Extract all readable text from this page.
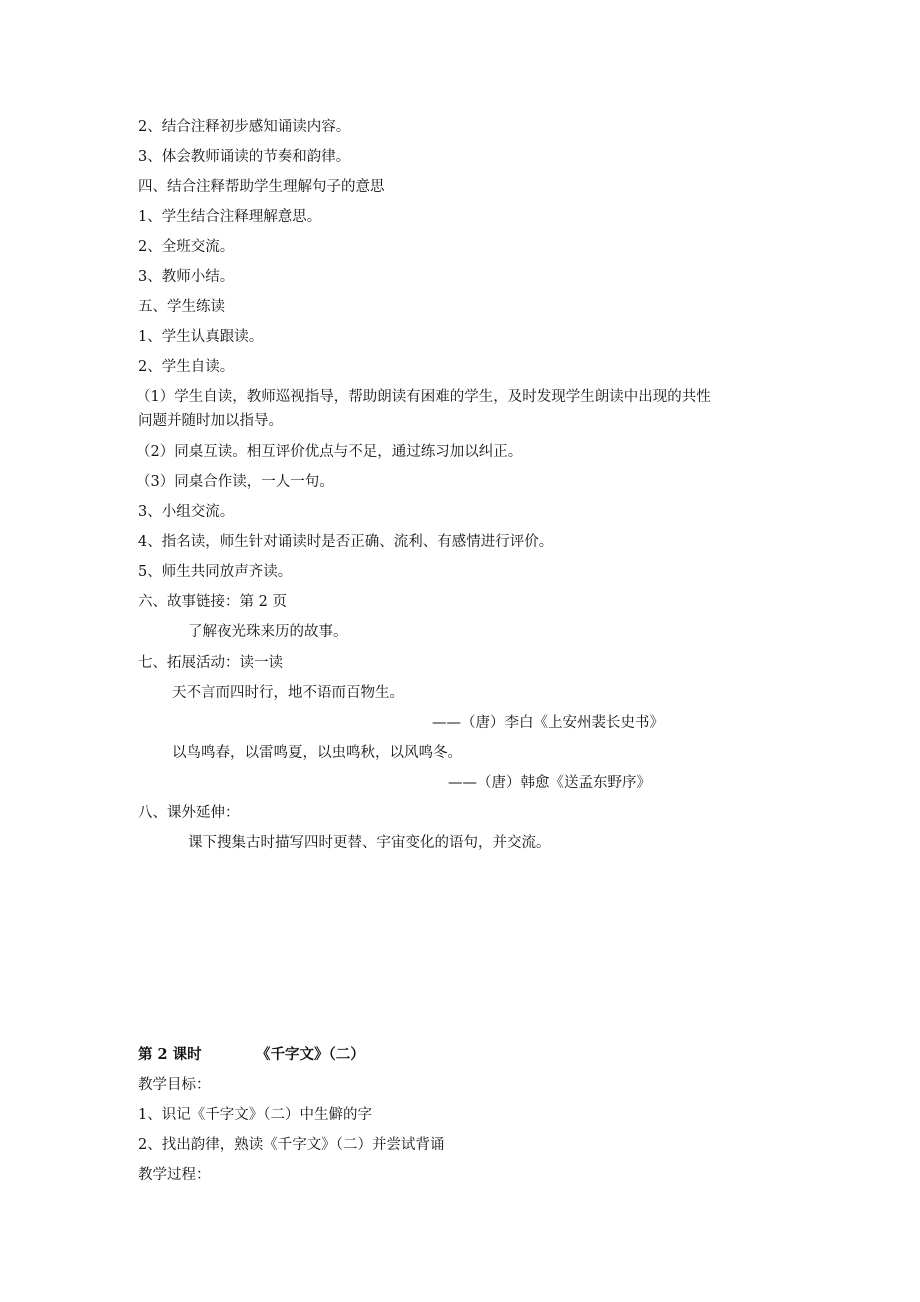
2、结合注释初步感知诵读内容。
3、体会教师诵读的节奏和韵律。
四、结合注释帮助学生理解句子的意思
1、学生结合注释理解意思。
2、全班交流。
3、教师小结。
五、学生练读
1、学生认真跟读。
2、学生自读。
（1）学生自读，教师巡视指导，帮助朗读有困难的学生，及时发现学生朗读中出现的共性
问题并随时加以指导。
（2）同桌互读。相互评价优点与不足，通过练习加以纠正。
（3）同桌合作读，一人一句。
3、小组交流。
4、指名读，师生针对诵读时是否正确、流利、有感情进行评价。
5、师生共同放声齐读。
六、故事链接：第 2 页
了解夜光珠来历的故事。
七、拓展活动：读一读
天不言而四时行，地不语而百物生。
——（唐）李白《上安州裴长史书》
以鸟鸣春，以雷鸣夏，以虫鸣秋，以风鸣冬。
——（唐）韩愈《送孟东野序》
八、课外延伸：
课下搜集古时描写四时更替、宇宙变化的语句，并交流。
第 2 课时	《千字文》（二）
教学目标：
1、识记《千字文》（二）中生僻的字
2、找出韵律，熟读《千字文》（二）并尝试背诵
教学过程：
